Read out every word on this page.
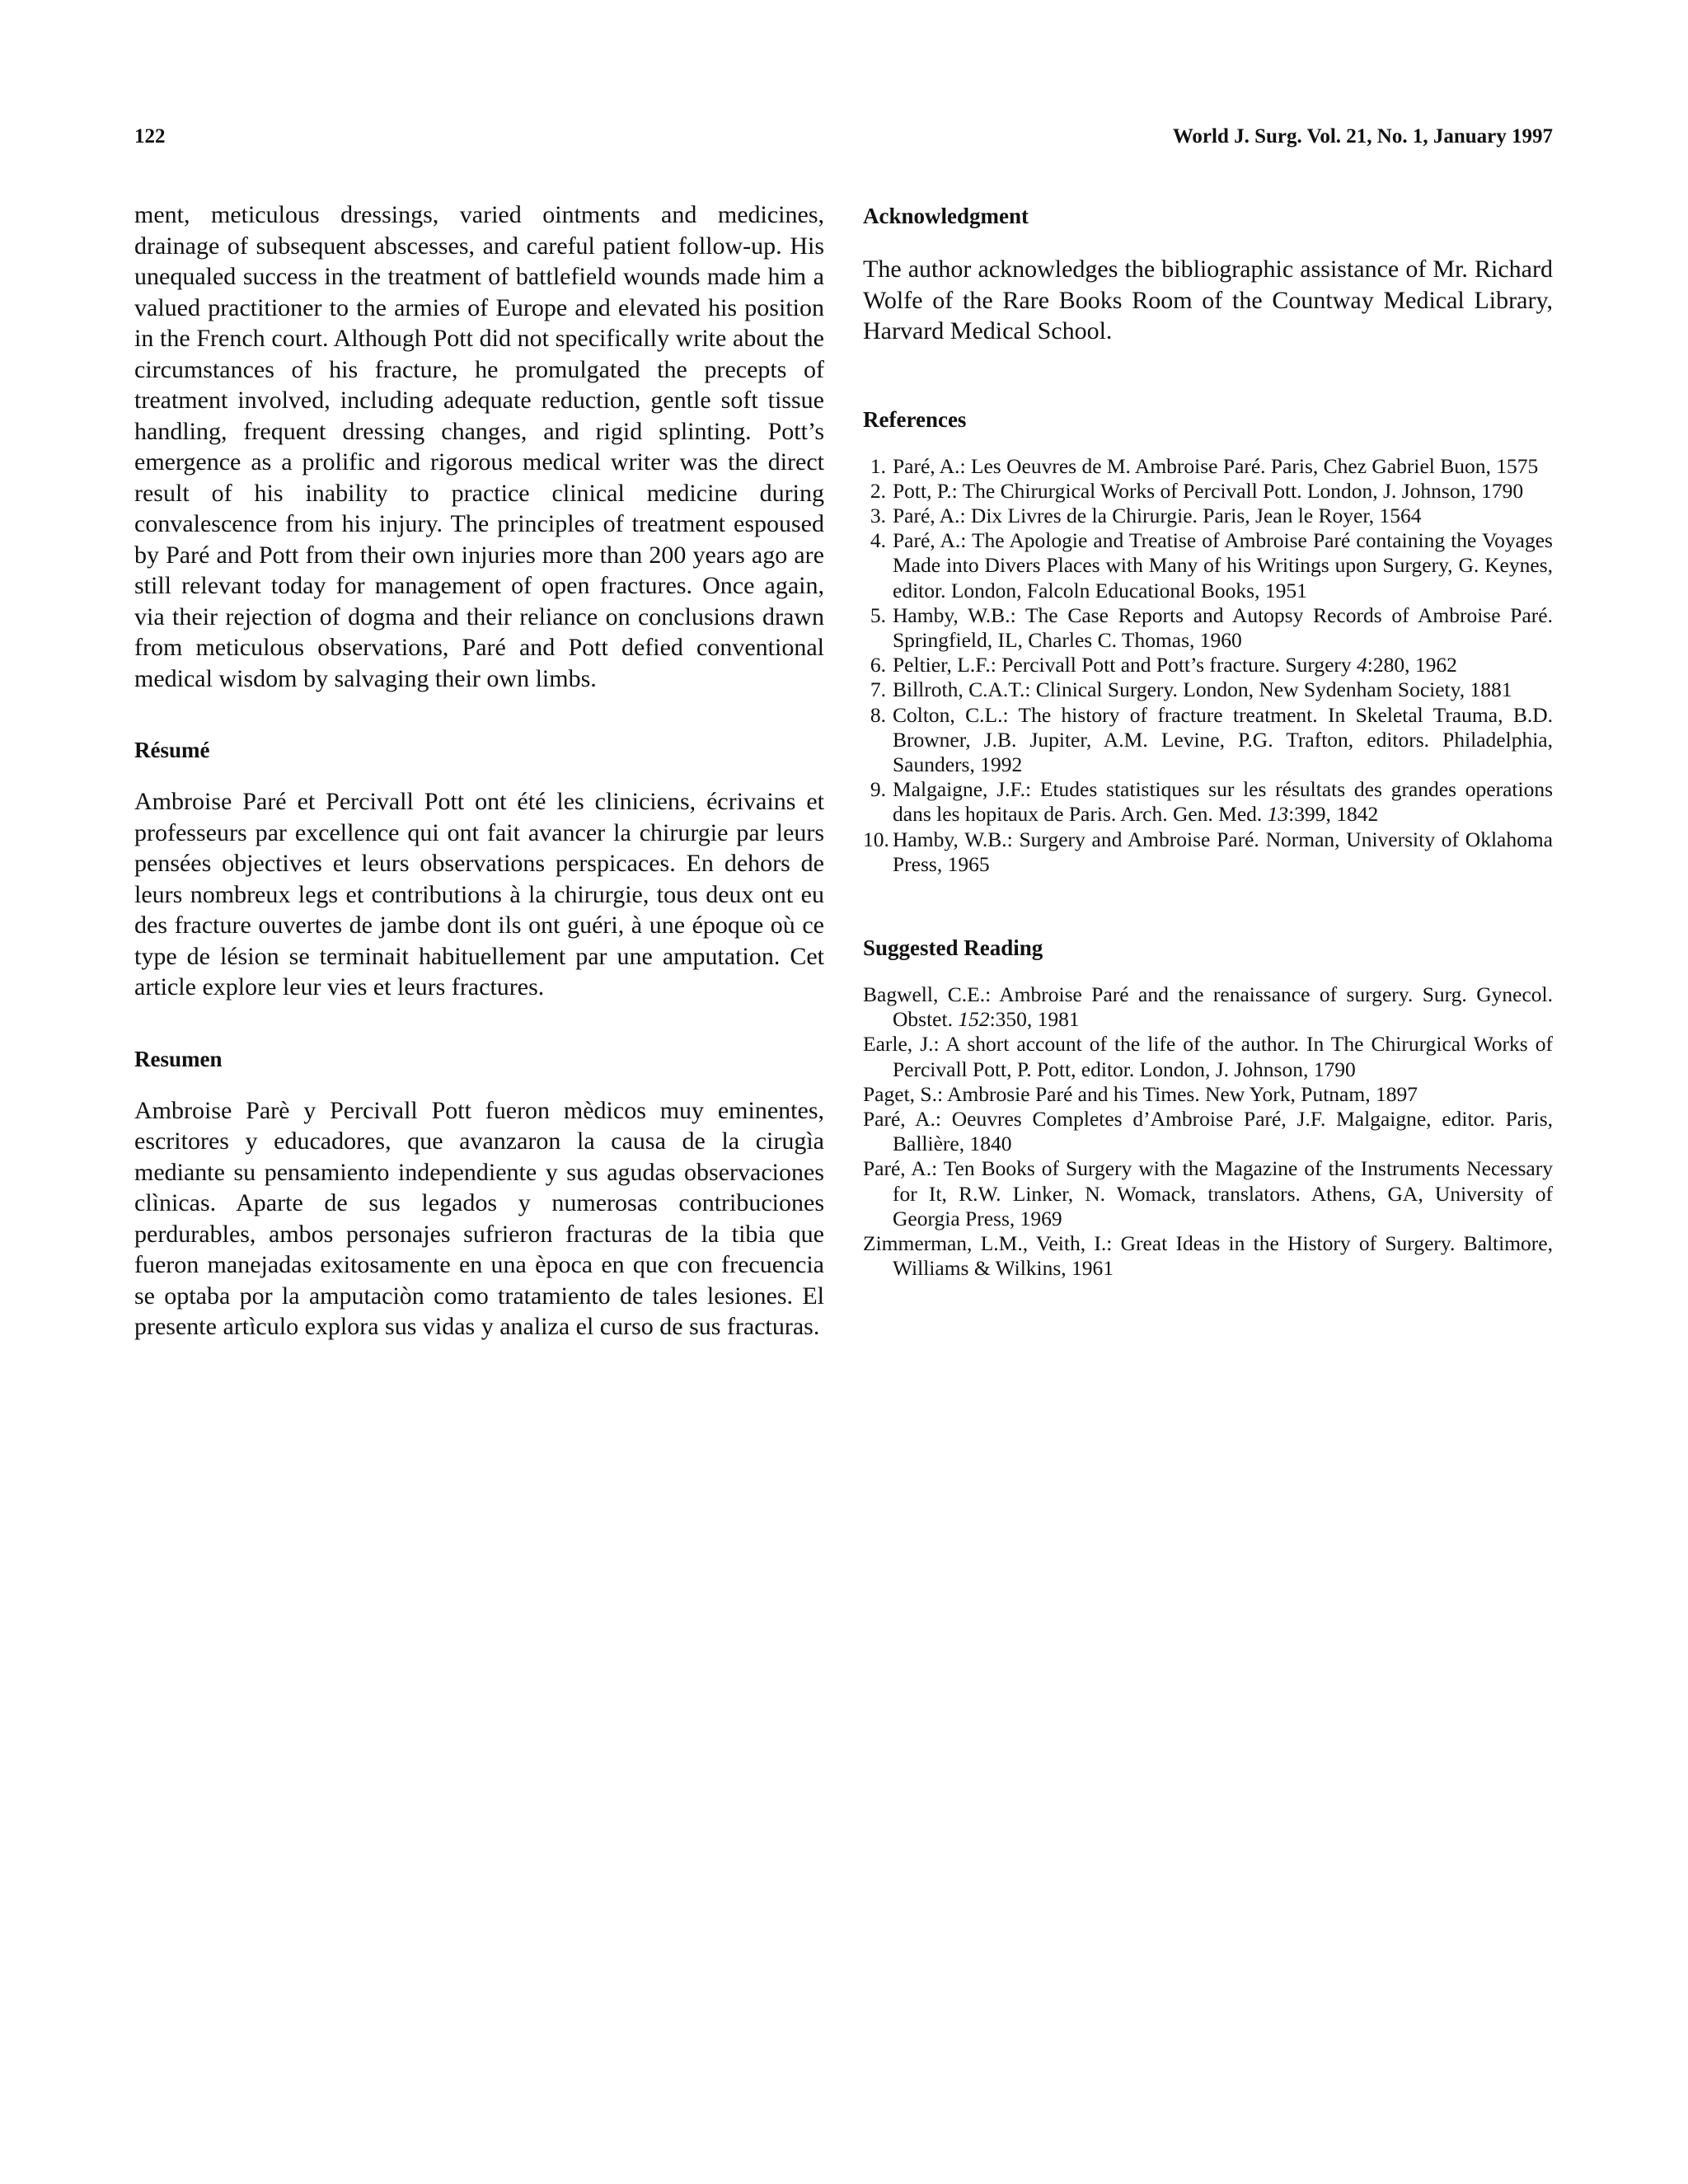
122	World J. Surg. Vol. 21, No. 1, January 1997

ment, meticulous dressings, varied ointments and medicines, drainage of subsequent abscesses, and careful patient follow-up. His unequaled success in the treatment of battlefield wounds made him a valued practitioner to the armies of Europe and elevated his position in the French court. Although Pott did not specifically write about the circumstances of his fracture, he promulgated the precepts of treatment involved, including adequate reduction, gentle soft tissue handling, frequent dressing changes, and rigid splinting. Pott’s emergence as a prolific and rigorous medical writer was the direct result of his inability to practice clinical medicine during convalescence from his injury. The principles of treatment espoused by Paré and Pott from their own injuries more than 200 years ago are still relevant today for management of open fractures. Once again, via their rejection of dogma and their reliance on conclusions drawn from meticulous observations, Paré and Pott defied conventional medical wisdom by salvaging their own limbs.

Résumé

Ambroise Paré et Percivall Pott ont été les cliniciens, écrivains et professeurs par excellence qui ont fait avancer la chirurgie par leurs pensées objectives et leurs observations perspicaces. En dehors de leurs nombreux legs et contributions à la chirurgie, tous deux ont eu des fracture ouvertes de jambe dont ils ont guéri, à une époque où ce type de lésion se terminait habituellement par une amputation. Cet article explore leur vies et leurs fractures.

Resumen

Ambroise Parè y Percivall Pott fueron mèdicos muy eminentes, escritores y educadores, que avanzaron la causa de la cirugìa mediante su pensamiento independiente y sus agudas observaciones clìnicas. Aparte de sus legados y numerosas contribuciones perdurables, ambos personajes sufrieron fracturas de la tibia que fueron manejadas exitosamente en una època en que con frecuencia se optaba por la amputaciòn como tratamiento de tales lesiones. El presente artìculo explora sus vidas y analiza el curso de sus fracturas.

Acknowledgment

The author acknowledges the bibliographic assistance of Mr. Richard Wolfe of the Rare Books Room of the Countway Medical Library, Harvard Medical School.

References
1. Paré, A.: Les Oeuvres de M. Ambroise Paré. Paris, Chez Gabriel Buon, 1575
2. Pott, P.: The Chirurgical Works of Percivall Pott. London, J. Johnson, 1790
3. Paré, A.: Dix Livres de la Chirurgie. Paris, Jean le Royer, 1564
4. Paré, A.: The Apologie and Treatise of Ambroise Paré containing the Voyages Made into Divers Places with Many of his Writings upon Surgery, G. Keynes, editor. London, Falcoln Educational Books, 1951
5. Hamby, W.B.: The Case Reports and Autopsy Records of Ambroise Paré. Springfield, IL, Charles C. Thomas, 1960
6. Peltier, L.F.: Percivall Pott and Pott’s fracture. Surgery 4:280, 1962
7. Billroth, C.A.T.: Clinical Surgery. London, New Sydenham Society, 1881
8. Colton, C.L.: The history of fracture treatment. In Skeletal Trauma, B.D. Browner, J.B. Jupiter, A.M. Levine, P.G. Trafton, editors. Philadelphia, Saunders, 1992
9. Malgaigne, J.F.: Etudes statistiques sur les résultats des grandes operations dans les hopitaux de Paris. Arch. Gen. Med. 13:399, 1842
10. Hamby, W.B.: Surgery and Ambroise Paré. Norman, University of Oklahoma Press, 1965
Suggested Reading
Bagwell, C.E.: Ambroise Paré and the renaissance of surgery. Surg. Gynecol. Obstet. 152:350, 1981
Earle, J.: A short account of the life of the author. In The Chirurgical Works of Percivall Pott, P. Pott, editor. London, J. Johnson, 1790
Paget, S.: Ambrosie Paré and his Times. New York, Putnam, 1897
Paré, A.: Oeuvres Completes d’Ambroise Paré, J.F. Malgaigne, editor. Paris, Ballière, 1840
Paré, A.: Ten Books of Surgery with the Magazine of the Instruments Necessary for It, R.W. Linker, N. Womack, translators. Athens, GA, University of Georgia Press, 1969
Zimmerman, L.M., Veith, I.: Great Ideas in the History of Surgery. Baltimore, Williams & Wilkins, 1961
